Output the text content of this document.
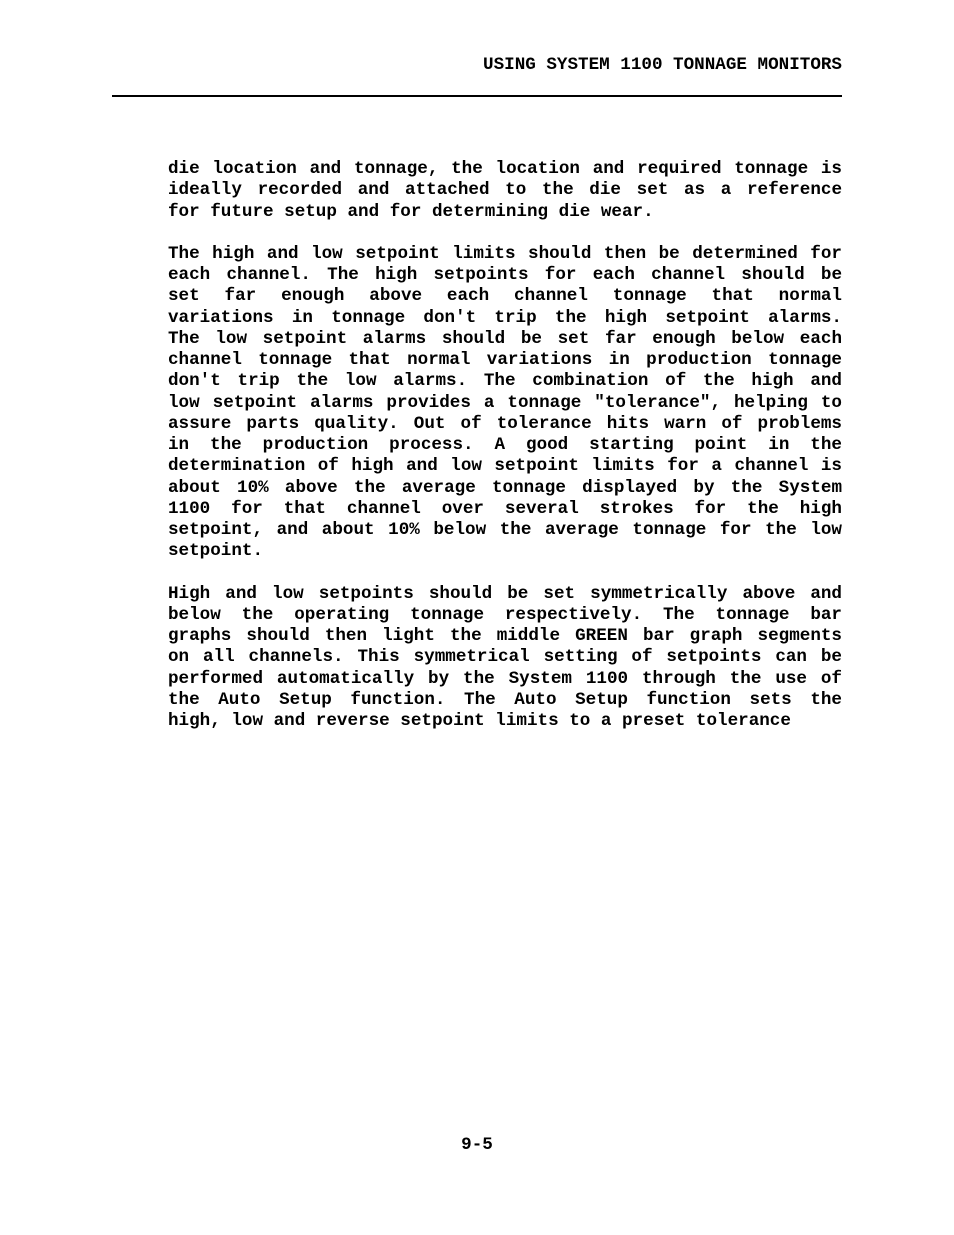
USING SYSTEM 1100 TONNAGE MONITORS
die location and tonnage, the location and required tonnage is
ideally recorded and attached to the die set as a reference
for future setup and for determining die wear.
The high and low setpoint limits should then be determined for
each channel. The high setpoints for each channel should be
set far enough above each channel tonnage that normal
variations in tonnage don't trip the high setpoint alarms.
The low setpoint alarms should be set far enough below each
channel tonnage that normal variations in production tonnage
don't trip the low alarms. The combination of the high and
low setpoint alarms provides a tonnage "tolerance", helping to
assure parts quality. Out of tolerance hits warn of problems
in the production process. A good starting point in the
determination of high and low setpoint limits for a channel is
about 10% above the average tonnage displayed by the System
1100 for that channel over several strokes for the high
setpoint, and about 10% below the average tonnage for the low
setpoint.
High and low setpoints should be set symmetrically above and
below the operating tonnage respectively. The tonnage bar
graphs should then light the middle GREEN bar graph segments
on all channels. This symmetrical setting of setpoints can be
performed automatically by the System 1100 through the use of
the Auto Setup function. The Auto Setup function sets the
high, low and reverse setpoint limits to a preset tolerance
9-5
